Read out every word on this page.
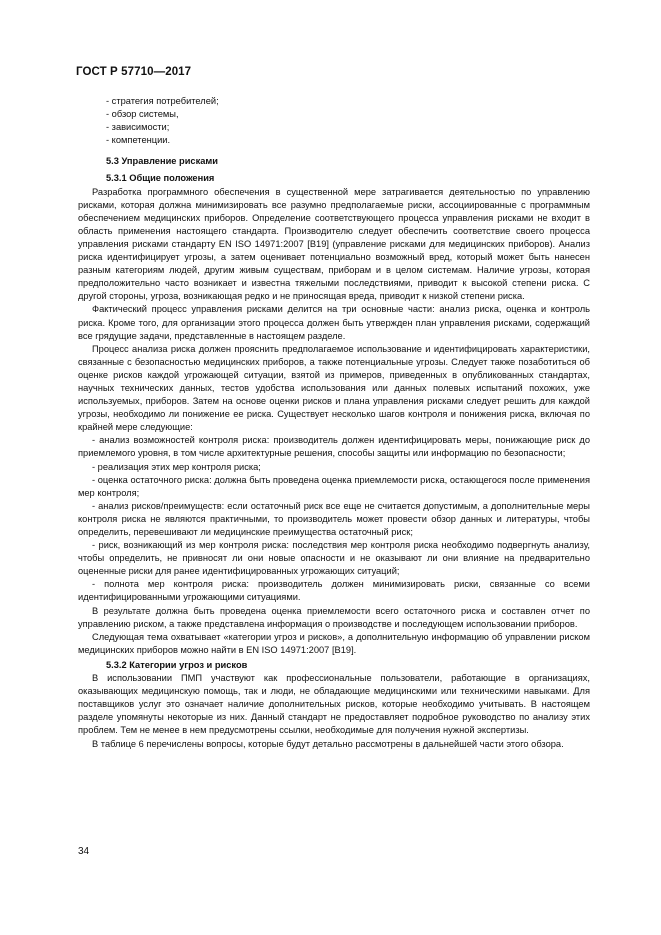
ГОСТ Р 57710—2017
- стратегия потребителей;
- обзор системы,
- зависимости;
- компетенции.
5.3 Управление рисками
5.3.1 Общие положения

Разработка программного обеспечения в существенной мере затрагивается деятельностью по управлению рисками, которая должна минимизировать все разумно предполагаемые риски, ассоциированные с программным обеспечением медицинских приборов. Определение соответствующего процесса управления рисками не входит в область применения настоящего стандарта. Производителю следует обеспечить соответствие своего процесса управления рисками стандарту EN ISO 14971:2007 [B19] (управление рисками для медицинских приборов). Анализ риска идентифицирует угрозы, а затем оценивает потенциально возможный вред, который может быть нанесен разным категориям людей, другим живым существам, приборам и в целом системам. Наличие угрозы, которая предположительно часто возникает и известна тяжелыми последствиями, приводит к высокой степени риска. С другой стороны, угроза, возникающая редко и не приносящая вреда, приводит к низкой степени риска.

Фактический процесс управления рисками делится на три основные части: анализ риска, оценка и контроль риска. Кроме того, для организации этого процесса должен быть утвержден план управления рисками, содержащий все грядущие задачи, представленные в настоящем разделе.

Процесс анализа риска должен прояснить предполагаемое использование и идентифицировать характеристики, связанные с безопасностью медицинских приборов, а также потенциальные угрозы. Следует также позаботиться об оценке рисков каждой угрожающей ситуации, взятой из примеров, приведенных в опубликованных стандартах, научных технических данных, тестов удобства использования или данных полевых испытаний похожих, уже используемых, приборов. Затем на основе оценки рисков и плана управления рисками следует решить для каждой угрозы, необходимо ли понижение ее риска. Существует несколько шагов контроля и понижения риска, включая по крайней мере следующие:

- анализ возможностей контроля риска: производитель должен идентифицировать меры, понижающие риск до приемлемого уровня, в том числе архитектурные решения, способы защиты или информацию по безопасности;

- реализация этих мер контроля риска;

- оценка остаточного риска: должна быть проведена оценка приемлемости риска, остающегося после применения мер контроля;

- анализ рисков/преимуществ: если остаточный риск все еще не считается допустимым, а дополнительные меры контроля риска не являются практичными, то производитель может провести обзор данных и литературы, чтобы определить, перевешивают ли медицинские преимущества остаточный риск;

- риск, возникающий из мер контроля риска: последствия мер контроля риска необходимо подвергнуть анализу, чтобы определить, не привносят ли они новые опасности и не оказывают ли они влияние на предварительно оцененные риски для ранее идентифицированных угрожающих ситуаций;

- полнота мер контроля риска: производитель должен минимизировать риски, связанные со всеми идентифицированными угрожающими ситуациями.

В результате должна быть проведена оценка приемлемости всего остаточного риска и составлен отчет по управлению риском, а также представлена информация о производстве и последующем использовании приборов.

Следующая тема охватывает «категории угроз и рисков», а дополнительную информацию об управлении риском медицинских приборов можно найти в EN ISO 14971:2007 [B19].

5.3.2 Категории угроз и рисков

В использовании ПМП участвуют как профессиональные пользователи, работающие в организациях, оказывающих медицинскую помощь, так и люди, не обладающие медицинскими или техническими навыками. Для поставщиков услуг это означает наличие дополнительных рисков, которые необходимо учитывать. В настоящем разделе упомянуты некоторые из них. Данный стандарт не предоставляет подробное руководство по анализу этих проблем. Тем не менее в нем предусмотрены ссылки, необходимые для получения нужной экспертизы.

В таблице 6 перечислены вопросы, которые будут детально рассмотрены в дальнейшей части этого обзора.

34
